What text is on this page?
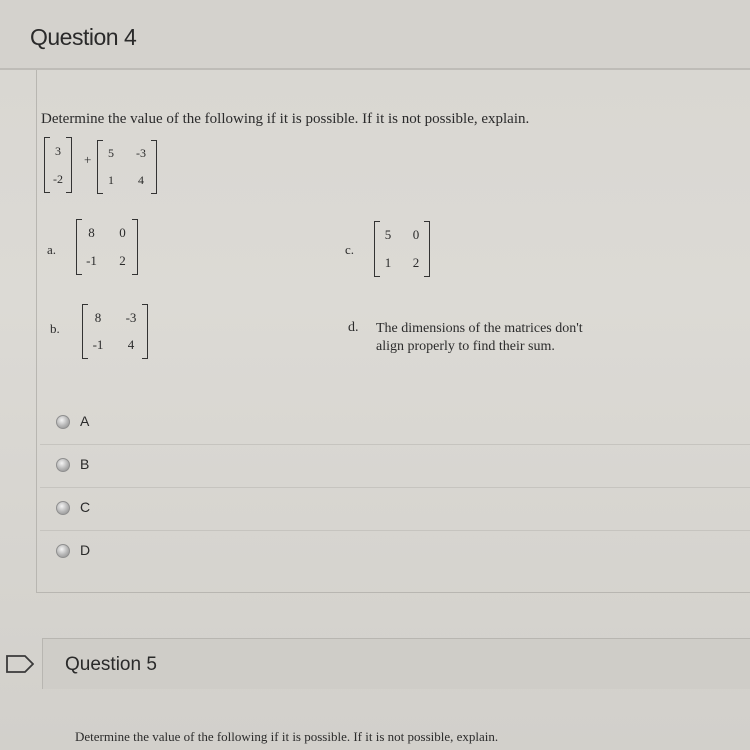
Question 4
Determine the value of the following if it is possible. If it is not possible, explain.
3
-2
+	5	-3
1	4
a.
8	0
-1	2
c.
5	0
1	2
b.
8	-3
-1	4
d. The dimensions of the matrices don't
align properly to find their sum.
A
B
C
D
Question 5
Determine the value of the following if it is possible. If it is not possible, explain.
